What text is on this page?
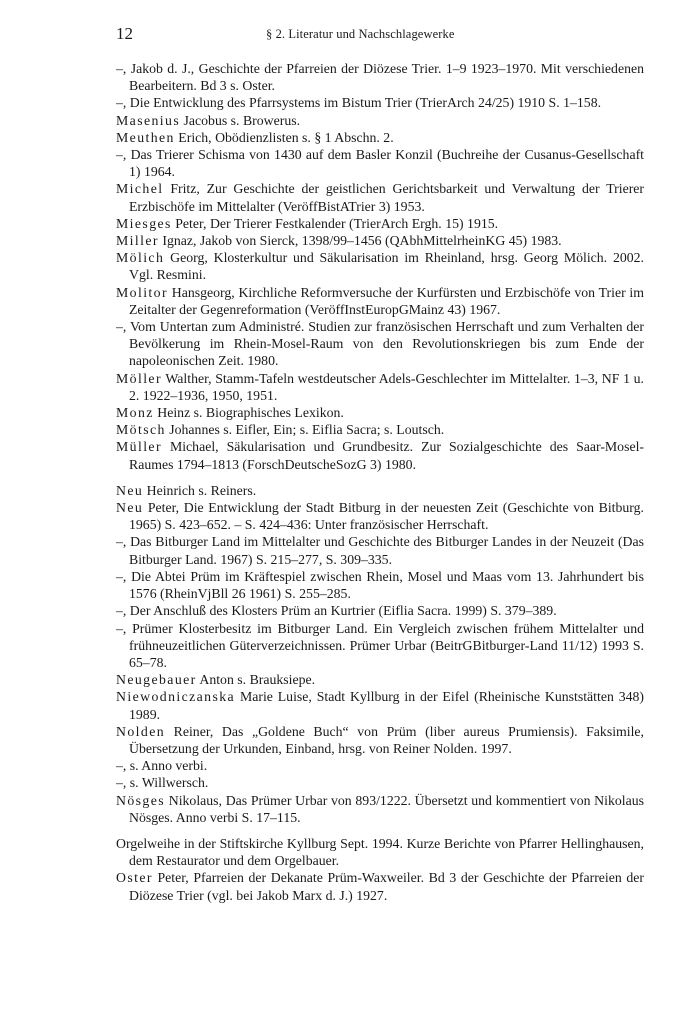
12	§ 2. Literatur und Nachschlagewerke

–, Jakob d. J., Geschichte der Pfarreien der Diözese Trier. 1–9 1923–1970. Mit verschiedenen Bearbeitern. Bd 3 s. Oster.

–, Die Entwicklung des Pfarrsystems im Bistum Trier (TrierArch 24/25) 1910 S. 1–158.

Masenius Jacobus s. Browerus.

Meuthen Erich, Obödienzlisten s. § 1 Abschn. 2.

–, Das Trierer Schisma von 1430 auf dem Basler Konzil (Buchreihe der Cusanus-Gesellschaft 1) 1964.

Michel Fritz, Zur Geschichte der geistlichen Gerichtsbarkeit und Verwaltung der Trierer Erzbischöfe im Mittelalter (VeröffBistATrier 3) 1953.

Miesges Peter, Der Trierer Festkalender (TrierArch Ergh. 15) 1915.

Miller Ignaz, Jakob von Sierck, 1398/99–1456 (QAbhMittelrheinKG 45) 1983.

Mölich Georg, Klosterkultur und Säkularisation im Rheinland, hrsg. Georg Mölich. 2002. Vgl. Resmini.

Molitor Hansgeorg, Kirchliche Reformversuche der Kurfürsten und Erzbischöfe von Trier im Zeitalter der Gegenreformation (VeröffInstEuropGMainz 43) 1967.

–, Vom Untertan zum Administré. Studien zur französischen Herrschaft und zum Verhalten der Bevölkerung im Rhein-Mosel-Raum von den Revolutionskriegen bis zum Ende der napoleonischen Zeit. 1980.

Möller Walther, Stamm-Tafeln westdeutscher Adels-Geschlechter im Mittelalter. 1–3, NF 1 u. 2. 1922–1936, 1950, 1951.

Monz Heinz s. Biographisches Lexikon.

Mötsch Johannes s. Eifler, Ein; s. Eiflia Sacra; s. Loutsch.

Müller Michael, Säkularisation und Grundbesitz. Zur Sozialgeschichte des Saar-Mosel-Raumes 1794–1813 (ForschDeutscheSozG 3) 1980.

Neu Heinrich s. Reiners.

Neu Peter, Die Entwicklung der Stadt Bitburg in der neuesten Zeit (Geschichte von Bitburg. 1965) S. 423–652. – S. 424–436: Unter französischer Herrschaft.

–, Das Bitburger Land im Mittelalter und Geschichte des Bitburger Landes in der Neuzeit (Das Bitburger Land. 1967) S. 215–277, S. 309–335.

–, Die Abtei Prüm im Kräftespiel zwischen Rhein, Mosel und Maas vom 13. Jahrhundert bis 1576 (RheinVjBll 26 1961) S. 255–285.

–, Der Anschluß des Klosters Prüm an Kurtrier (Eiflia Sacra. 1999) S. 379–389.

–, Prümer Klosterbesitz im Bitburger Land. Ein Vergleich zwischen frühem Mittelalter und frühneuzeitlichen Güterverzeichnissen. Prümer Urbar (BeitrGBitburger-Land 11/12) 1993 S. 65–78.

Neugebauer Anton s. Brauksiepe.

Niewodniczanska Marie Luise, Stadt Kyllburg in der Eifel (Rheinische Kunststätten 348) 1989.

Nolden Reiner, Das „Goldene Buch“ von Prüm (liber aureus Prumiensis). Faksimile, Übersetzung der Urkunden, Einband, hrsg. von Reiner Nolden. 1997.

–, s. Anno verbi.

–, s. Willwersch.

Nösges Nikolaus, Das Prümer Urbar von 893/1222. Übersetzt und kommentiert von Nikolaus Nösges. Anno verbi S. 17–115.

Orgelweihe in der Stiftskirche Kyllburg Sept. 1994. Kurze Berichte von Pfarrer Hellinghausen, dem Restaurator und dem Orgelbauer.

Oster Peter, Pfarreien der Dekanate Prüm-Waxweiler. Bd 3 der Geschichte der Pfarreien der Diözese Trier (vgl. bei Jakob Marx d. J.) 1927.
